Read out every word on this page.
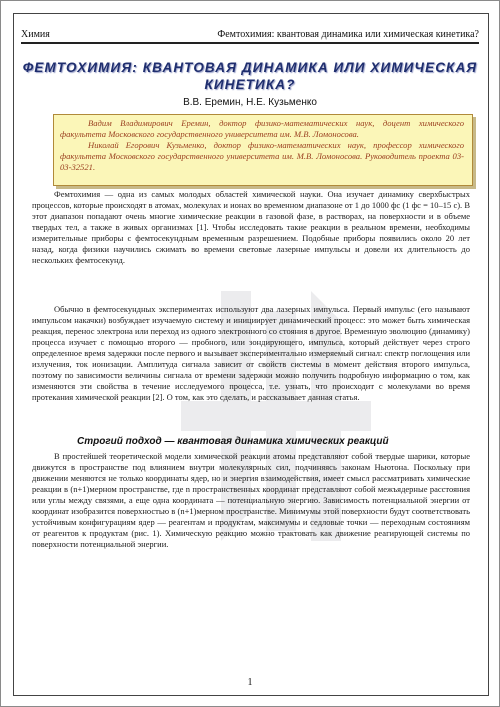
Химия	Фемтохимия: квантовая динамика или химическая кинетика?
ФЕМТОХИМИЯ: КВАНТОВАЯ ДИНАМИКА ИЛИ ХИМИЧЕСКАЯ КИНЕТИКА?
В.В. Еремин, Н.Е. Кузьменко

Вадим Владимирович Еремин, доктор физико-математических наук, доцент химического факультета Московского государственного университета им. М.В. Ломоносова.

Николай Егорович Кузьменко, доктор физико-математических наук, профессор химического факультета Московского государственного университета им. М.В. Ломоносова. Руководитель проекта 03-03-32521.

Фемтохимия — одна из самых молодых областей химической науки. Она изучает динамику сверхбыстрых процессов, которые происходят в атомах, молекулах и ионах во временном диапазоне от 1 до 1000 фс (1 фс = 10–15 с). В этот диапазон попадают очень многие химические реакции в газовой фазе, в растворах, на поверхности и в объеме твердых тел, а также в живых организмах [1]. Чтобы исследовать такие реакции в реальном времени, необходимы измерительные приборы с фемтосекундным временным разрешением. Подобные приборы появились около 20 лет назад, когда физики научились сжимать во времени световые лазерные импульсы и довели их длительность до нескольких фемтосекунд.

Обычно в фемтосекундных экспериментах используют два лазерных импульса. Первый импульс (его называют импульсом накачки) возбуждает изучаемую систему и инициирует динамический процесс: это может быть химическая реакция, перенос электрона или переход из одного электронного со стояния в другое. Временную эволюцию (динамику) процесса изучает с помощью второго — пробного, или зондирующего, импульса, который действует через строго определенное время задержки после первого и вызывает экспериментально измеряемый сигнал: спектр поглощения или излучения, ток ионизации. Амплитуда сигнала зависит от свойств системы в момент действия второго импульса, поэтому по зависимости величины сигнала от времени задержки можно получить подробную информацию о том, как изменяются эти свойства в течение исследуемого процесса, т.е. узнать, что происходит с молекулами во время протекания химической реакции [2]. О том, как это сделать, и рассказывает данная статья.

Строгий подход — квантовая динамика химических реакций

В простейшей теоретической модели химической реакции атомы представляют собой твердые шарики, которые движутся в пространстве под влиянием внутри молекулярных сил, подчиняясь законам Ньютона. Поскольку при движении меняются не только координаты ядер, но и энергия взаимодействия, имеет смысл рассматривать химические реакции в (n+1)мерном пространстве, где n пространственных координат представляют собой межъядерные расстояния или углы между связями, а еще одна координата — потенциальную энергию. Зависимость потенциальной энергии от координат изобразится поверхностью в (n+1)мерном пространстве. Минимумы этой поверхности будут соответствовать устойчивым конфигурациям ядер — реагентам и продуктам, максимумы и седловые точки — переходным состояниям от реагентов к продуктам (рис. 1). Химическую реакцию можно трактовать как движение реагирующей системы по поверхности потенциальной энергии.

1
